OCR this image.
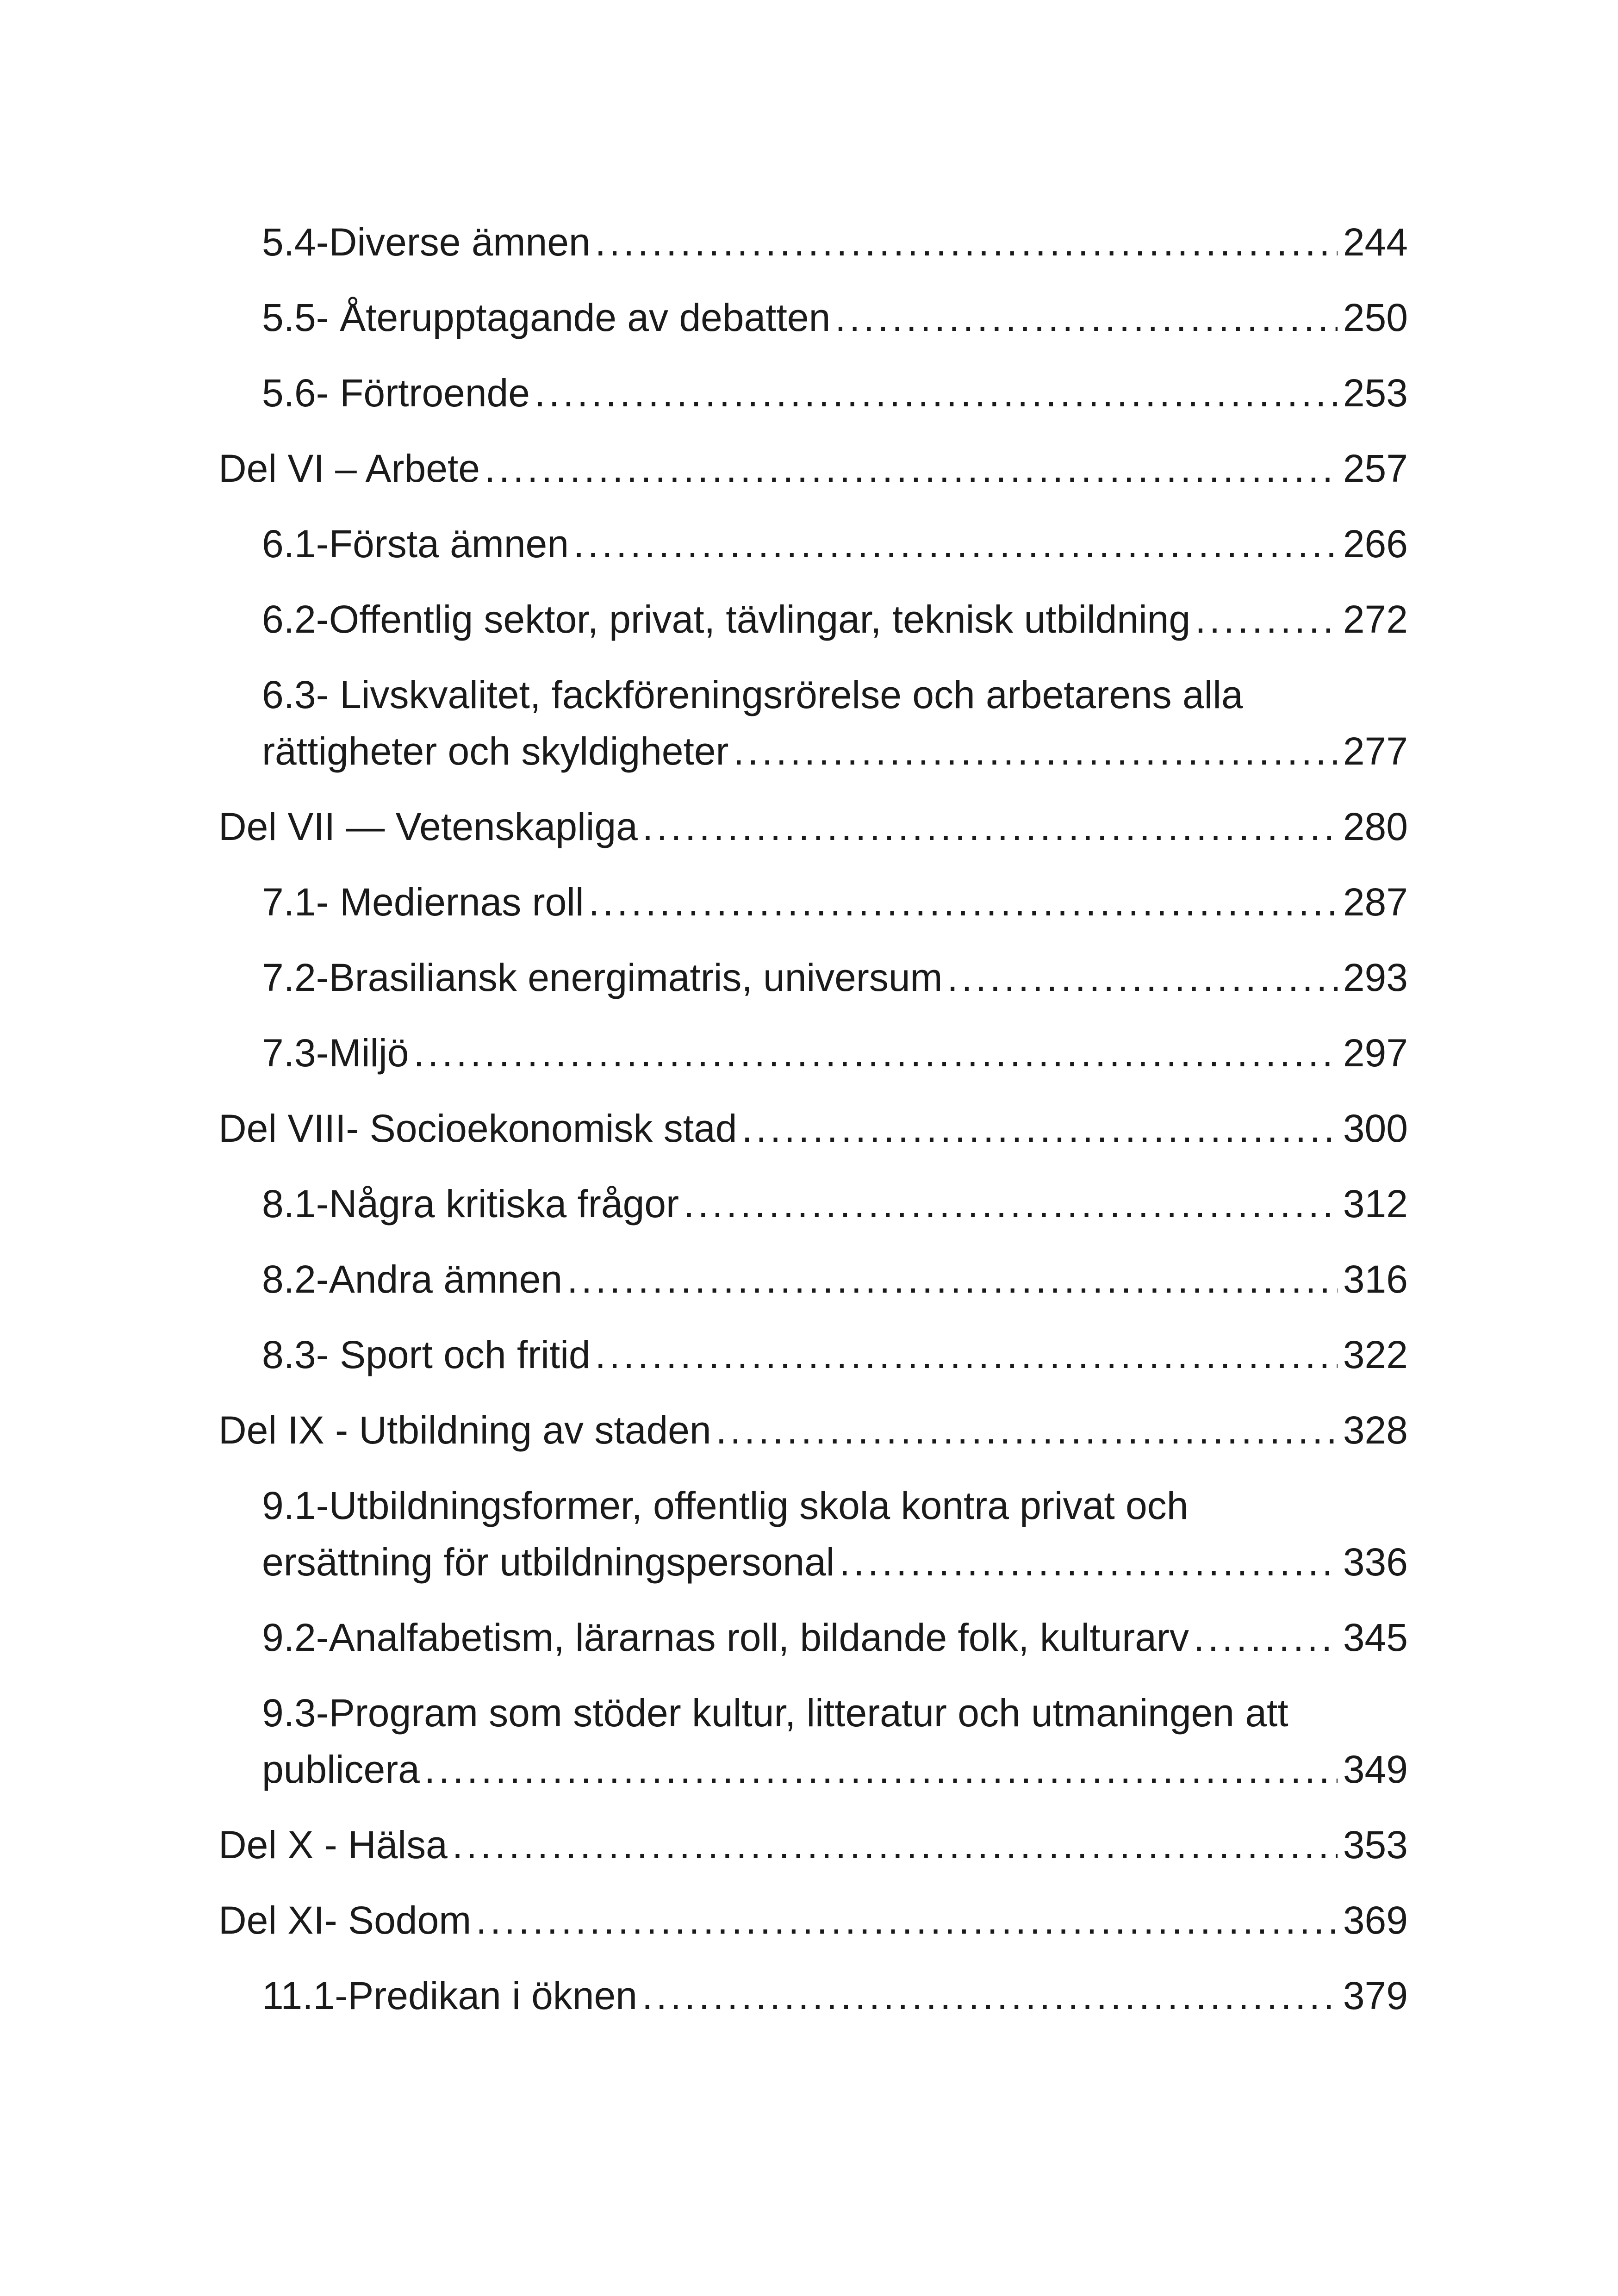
5.4-Diverse ämnen . . .	244
5.5- Återupptagande av debatten . . .	250
5.6- Förtroende . . .	253
Del VI – Arbete . . .	257
6.1-Första ämnen . . .	266
6.2-Offentlig sektor, privat, tävlingar, teknisk utbildning . . .	272
6.3- Livskvalitet, fackföreningsrörelse och arbetarens alla
rättigheter och skyldigheter . . .	277
Del VII — Vetenskapliga . . .	280
7.1- Mediernas roll . . .	287
7.2-Brasiliansk energimatris, universum . . .	293
7.3-Miljö . . .	297
Del VIII- Socioekonomisk stad . . .	300
8.1-Några kritiska frågor . . .	312
8.2-Andra ämnen . . .	316
8.3- Sport och fritid . . .	322
Del IX - Utbildning av staden . . .	328
9.1-Utbildningsformer, offentlig skola kontra privat och
ersättning för utbildningspersonal . . .	336
9.2-Analfabetism, lärarnas roll, bildande folk, kulturarv . . .	345
9.3-Program som stöder kultur, litteratur och utmaningen att
publicera . . .	349
Del X - Hälsa . . .	353
Del XI- Sodom . . .	369
11.1-Predikan i öknen . . .	379
